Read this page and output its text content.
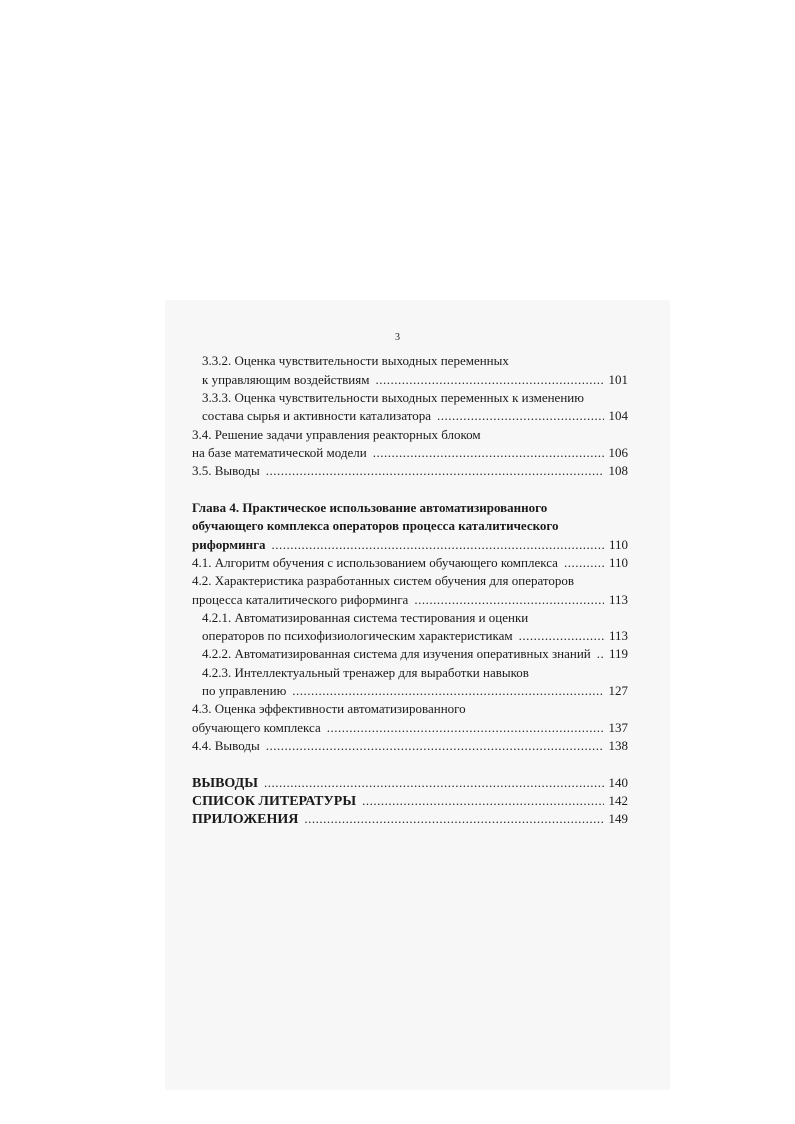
3
3.3.2. Оценка чувствительности выходных переменных
к управляющим воздействиям .....	101
3.3.3. Оценка чувствительности выходных переменных к изменению
состава сырья и активности катализатора .....	104
3.4. Решение задачи управления реакторных блоком
на базе математической модели .....	106
3.5. Выводы .....	108
Глава 4. Практическое использование автоматизированного
обучающего комплекса операторов процесса каталитического
риформинга .....	110
4.1. Алгоритм обучения с использованием обучающего комплекса .....	110
4.2. Характеристика разработанных систем обучения для операторов
процесса каталитического риформинга .....	113
4.2.1. Автоматизированная система тестирования и оценки
операторов по психофизиологическим характеристикам .....	113
4.2.2. Автоматизированная система для изучения оперативных знаний ..... 119
4.2.3. Интеллектуальный тренажер для выработки навыков
по управлению .....	127
4.3. Оценка эффективности автоматизированного
обучающего комплекса .....	137
4.4. Выводы .....	138
ВЫВОДЫ .....	140
СПИСОК ЛИТЕРАТУРЫ .....	142
ПРИЛОЖЕНИЯ .....	149
